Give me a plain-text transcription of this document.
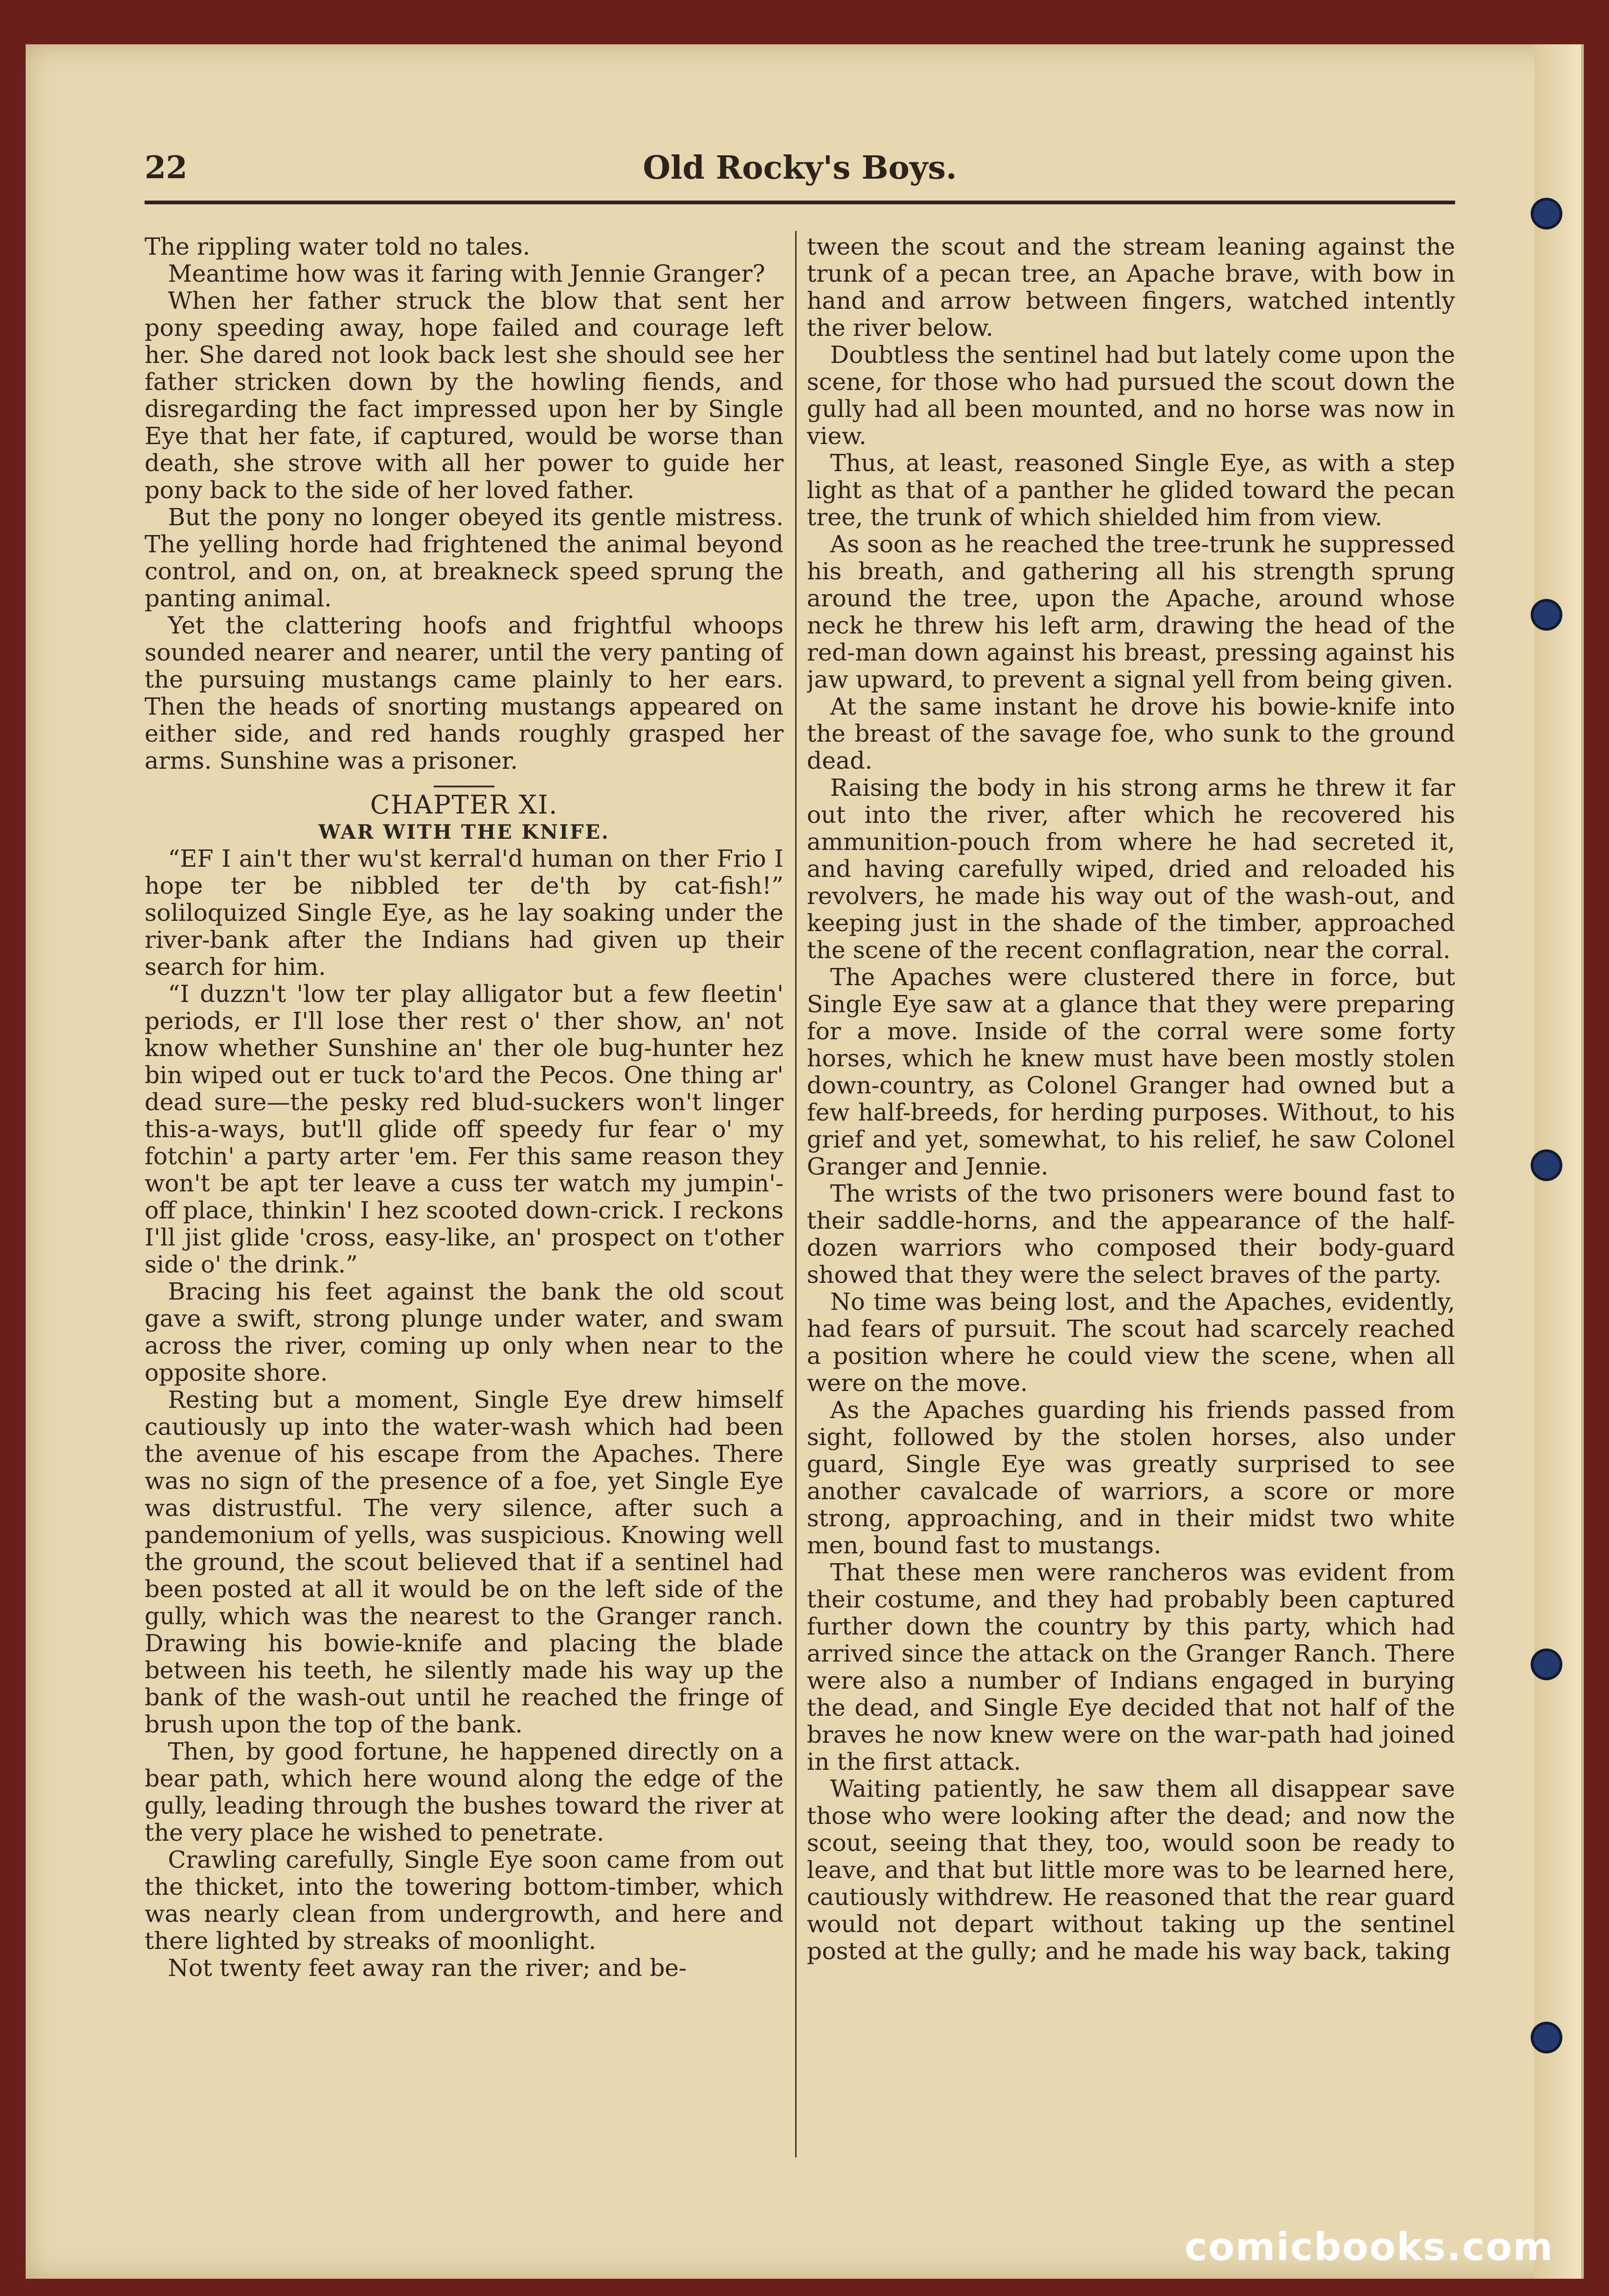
22	Old Rocky's Boys.

The rippling water told no tales.

Meantime how was it faring with Jennie Granger?

When her father struck the blow that sent her pony speeding away, hope failed and courage left her. She dared not look back lest she should see her father stricken down by the howling fiends, and disregarding the fact impressed upon her by Single Eye that her fate, if captured, would be worse than death, she strove with all her power to guide her pony back to the side of her loved father.

But the pony no longer obeyed its gentle mistress. The yelling horde had frightened the animal beyond control, and on, on, at breakneck speed sprung the panting animal.

Yet the clattering hoofs and frightful whoops sounded nearer and nearer, until the very panting of the pursuing mustangs came plainly to her ears. Then the heads of snorting mustangs appeared on either side, and red hands roughly grasped her arms. Sunshine was a prisoner.

CHAPTER XI.
WAR WITH THE KNIFE.

“EF I ain't ther wu'st kerral'd human on ther Frio I hope ter be nibbled ter de'th by cat-fish!” soliloquized Single Eye, as he lay soaking under the river-bank after the Indians had given up their search for him.

“I duzzn't 'low ter play alligator but a few fleetin' periods, er I'll lose ther rest o' ther show, an' not know whether Sunshine an' ther ole bug-hunter hez bin wiped out er tuck to'ard the Pecos. One thing ar' dead sure—the pesky red blud-suckers won't linger this-a-ways, but'll glide off speedy fur fear o' my fotchin' a party arter 'em. Fer this same reason they won't be apt ter leave a cuss ter watch my jumpin'-off place, thinkin' I hez scooted down-crick. I reckons I'll jist glide 'cross, easy-like, an' prospect on t'other side o' the drink.”

Bracing his feet against the bank the old scout gave a swift, strong plunge under water, and swam across the river, coming up only when near to the opposite shore.

Resting but a moment, Single Eye drew himself cautiously up into the water-wash which had been the avenue of his escape from the Apaches. There was no sign of the presence of a foe, yet Single Eye was distrustful. The very silence, after such a pandemonium of yells, was suspicious. Knowing well the ground, the scout believed that if a sentinel had been posted at all it would be on the left side of the gully, which was the nearest to the Granger ranch. Drawing his bowie-knife and placing the blade between his teeth, he silently made his way up the bank of the wash-out until he reached the fringe of brush upon the top of the bank.

Then, by good fortune, he happened directly on a bear path, which here wound along the edge of the gully, leading through the bushes toward the river at the very place he wished to penetrate.

Crawling carefully, Single Eye soon came from out the thicket, into the towering bottom-timber, which was nearly clean from undergrowth, and here and there lighted by streaks of moonlight.

Not twenty feet away ran the river; and be-

tween the scout and the stream leaning against the trunk of a pecan tree, an Apache brave, with bow in hand and arrow between fingers, watched intently the river below.

Doubtless the sentinel had but lately come upon the scene, for those who had pursued the scout down the gully had all been mounted, and no horse was now in view.

Thus, at least, reasoned Single Eye, as with a step light as that of a panther he glided toward the pecan tree, the trunk of which shielded him from view.

As soon as he reached the tree-trunk he suppressed his breath, and gathering all his strength sprung around the tree, upon the Apache, around whose neck he threw his left arm, drawing the head of the red-man down against his breast, pressing against his jaw upward, to prevent a signal yell from being given.

At the same instant he drove his bowie-knife into the breast of the savage foe, who sunk to the ground dead.

Raising the body in his strong arms he threw it far out into the river, after which he recovered his ammunition-pouch from where he had secreted it, and having carefully wiped, dried and reloaded his revolvers, he made his way out of the wash-out, and keeping just in the shade of the timber, approached the scene of the recent conflagration, near the corral.

The Apaches were clustered there in force, but Single Eye saw at a glance that they were preparing for a move. Inside of the corral were some forty horses, which he knew must have been mostly stolen down-country, as Colonel Granger had owned but a few half-breeds, for herding purposes. Without, to his grief and yet, somewhat, to his relief, he saw Colonel Granger and Jennie.

The wrists of the two prisoners were bound fast to their saddle-horns, and the appearance of the half-dozen warriors who composed their body-guard showed that they were the select braves of the party.

No time was being lost, and the Apaches, evidently, had fears of pursuit. The scout had scarcely reached a position where he could view the scene, when all were on the move.

As the Apaches guarding his friends passed from sight, followed by the stolen horses, also under guard, Single Eye was greatly surprised to see another cavalcade of warriors, a score or more strong, approaching, and in their midst two white men, bound fast to mustangs.

That these men were rancheros was evident from their costume, and they had probably been captured further down the country by this party, which had arrived since the attack on the Granger Ranch. There were also a number of Indians engaged in burying the dead, and Single Eye decided that not half of the braves he now knew were on the war-path had joined in the first attack.

Waiting patiently, he saw them all disappear save those who were looking after the dead; and now the scout, seeing that they, too, would soon be ready to leave, and that but little more was to be learned here, cautiously withdrew. He reasoned that the rear guard would not depart without taking up the sentinel posted at the gully; and he made his way back, taking

comicbooks.com
